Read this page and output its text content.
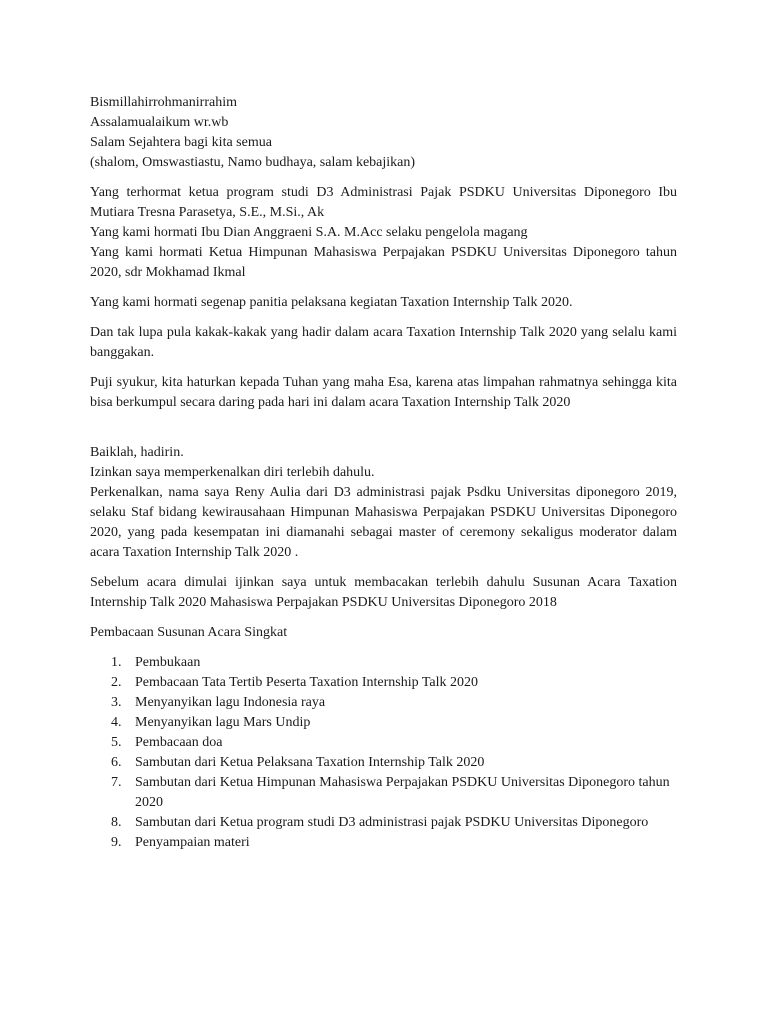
Bismillahirrohmanirrahim

Assalamualaikum wr.wb

Salam Sejahtera bagi kita semua

(shalom, Omswastiastu, Namo budhaya, salam kebajikan)

Yang terhormat ketua program studi D3 Administrasi Pajak PSDKU Universitas Diponegoro Ibu Mutiara Tresna Parasetya, S.E., M.Si., Ak

Yang kami hormati Ibu Dian Anggraeni S.A. M.Acc selaku pengelola magang

Yang kami hormati Ketua Himpunan Mahasiswa Perpajakan PSDKU Universitas Diponegoro tahun 2020, sdr Mokhamad Ikmal

Yang kami hormati segenap panitia pelaksana kegiatan Taxation Internship Talk 2020.

Dan tak lupa pula kakak-kakak yang hadir dalam acara Taxation Internship Talk 2020 yang selalu kami banggakan.

Puji syukur, kita haturkan kepada Tuhan yang maha Esa, karena atas limpahan rahmatnya sehingga kita bisa berkumpul secara daring pada hari ini dalam acara Taxation Internship Talk 2020

Baiklah, hadirin.

Izinkan saya memperkenalkan diri terlebih dahulu.

Perkenalkan, nama saya Reny Aulia dari D3 administrasi pajak Psdku Universitas diponegoro 2019, selaku Staf bidang kewirausahaan Himpunan Mahasiswa Perpajakan PSDKU Universitas Diponegoro 2020, yang pada kesempatan ini diamanahi sebagai master of ceremony sekaligus moderator dalam acara Taxation Internship Talk 2020 .

Sebelum acara dimulai ijinkan saya untuk membacakan terlebih dahulu Susunan Acara Taxation Internship Talk 2020 Mahasiswa Perpajakan PSDKU Universitas Diponegoro 2018

Pembacaan Susunan Acara Singkat

1. Pembukaan
2. Pembacaan Tata Tertib Peserta Taxation Internship Talk 2020
3. Menyanyikan lagu Indonesia raya
4. Menyanyikan lagu Mars Undip
5. Pembacaan doa
6. Sambutan dari Ketua Pelaksana Taxation Internship Talk 2020
7. Sambutan dari Ketua Himpunan Mahasiswa Perpajakan PSDKU Universitas Diponegoro tahun 2020
8. Sambutan dari Ketua program studi D3 administrasi pajak PSDKU Universitas Diponegoro
9. Penyampaian materi
